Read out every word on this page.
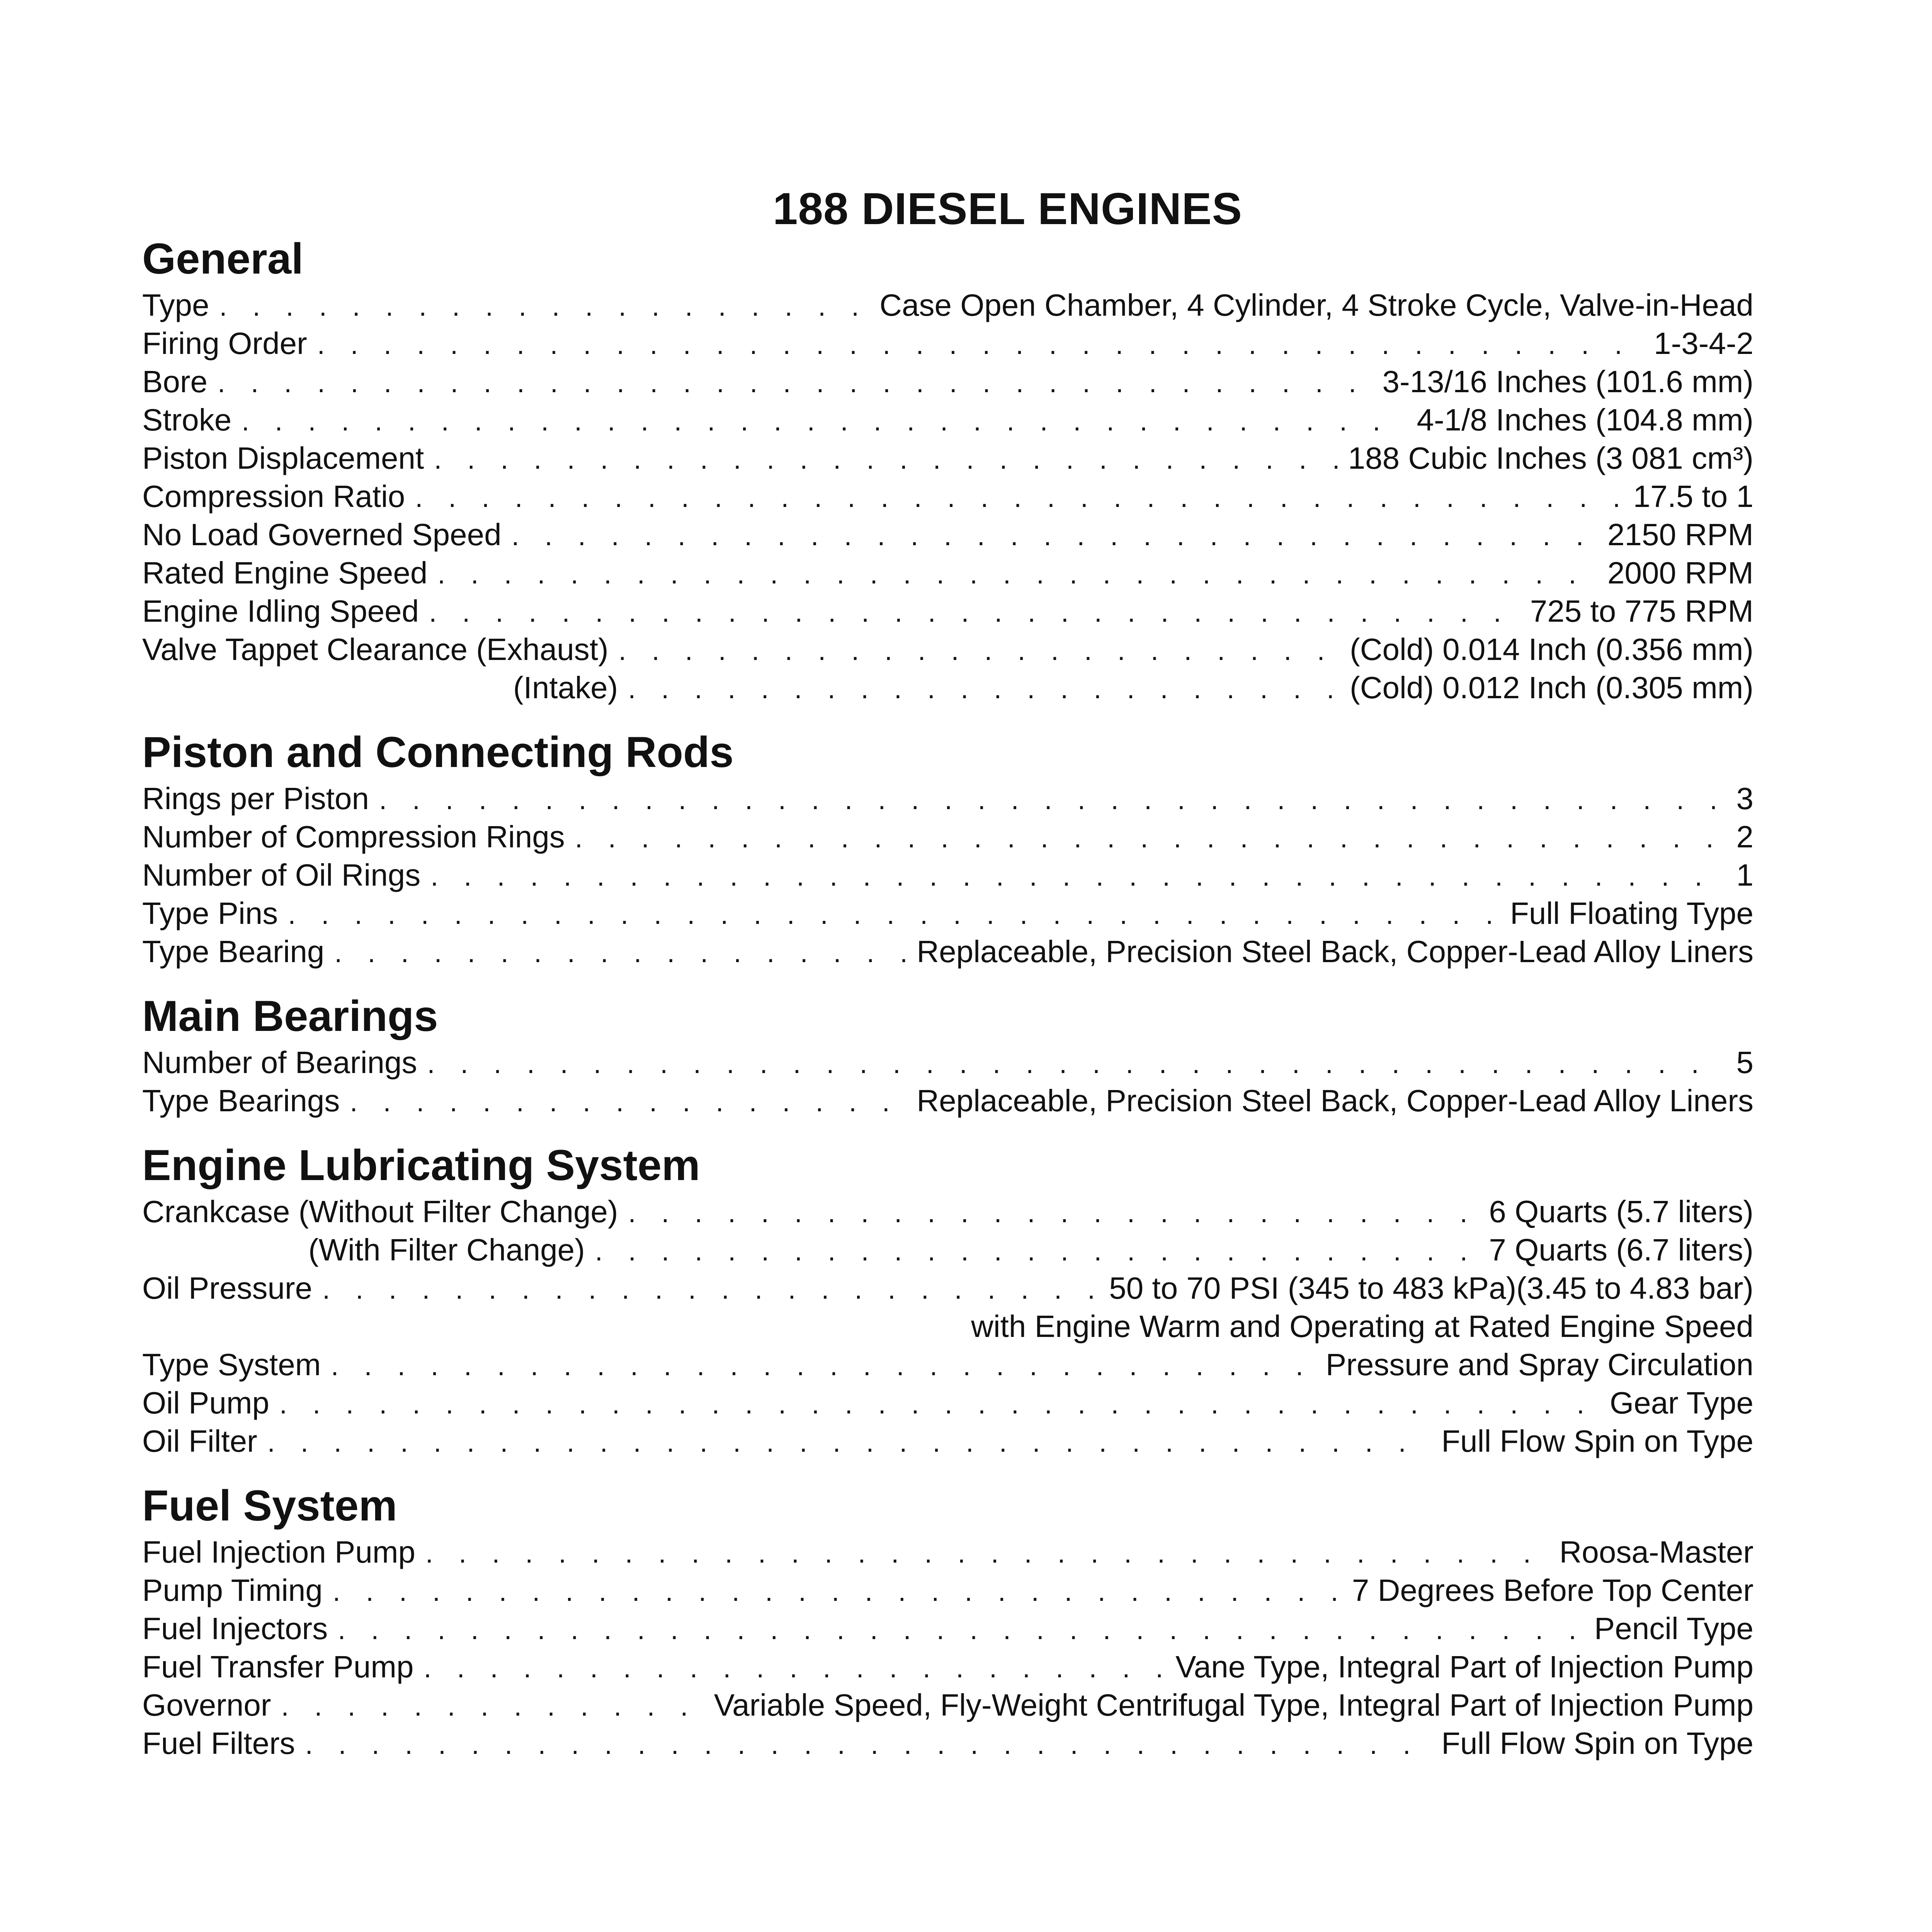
188 DIESEL ENGINES
General
Type . . .	Case Open Chamber, 4 Cylinder, 4 Stroke Cycle, Valve-in-Head
Firing Order . . .	1-3-4-2
Bore . . .	3-13/16 Inches (101.6 mm)
Stroke . . .	4-1/8 Inches (104.8 mm)
Piston Displacement . . .	188 Cubic Inches (3 081 cm³)
Compression Ratio . . .	17.5 to 1
No Load Governed Speed . . .	2150 RPM
Rated Engine Speed . . .	2000 RPM
Engine Idling Speed . . .	725 to 775 RPM
Valve Tappet Clearance (Exhaust) . . .	(Cold) 0.014 Inch (0.356 mm)
(Intake) . . .	(Cold) 0.012 Inch (0.305 mm)
Piston and Connecting Rods
Rings per Piston . . .	3
Number of Compression Rings . . .	2
Number of Oil Rings . . .	1
Type Pins . . .	Full Floating Type
Type Bearing . . .	Replaceable, Precision Steel Back, Copper-Lead Alloy Liners
Main Bearings
Number of Bearings . . .	5
Type Bearings . . .	Replaceable, Precision Steel Back, Copper-Lead Alloy Liners
Engine Lubricating System
Crankcase (Without Filter Change) . . .	6 Quarts (5.7 liters)
(With Filter Change) . . .	7 Quarts (6.7 liters)
Oil Pressure . . .	50 to 70 PSI (345 to 483 kPa)(3.45 to 4.83 bar)
with Engine Warm and Operating at Rated Engine Speed
Type System . . .	Pressure and Spray Circulation
Oil Pump . . .	Gear Type
Oil Filter . . .	Full Flow Spin on Type
Fuel System
Fuel Injection Pump . . .	Roosa-Master
Pump Timing . . .	7 Degrees Before Top Center
Fuel Injectors . . .	Pencil Type
Fuel Transfer Pump . . .	Vane Type, Integral Part of Injection Pump
Governor . . .	Variable Speed, Fly-Weight Centrifugal Type, Integral Part of Injection Pump
Fuel Filters . . .	Full Flow Spin on Type
